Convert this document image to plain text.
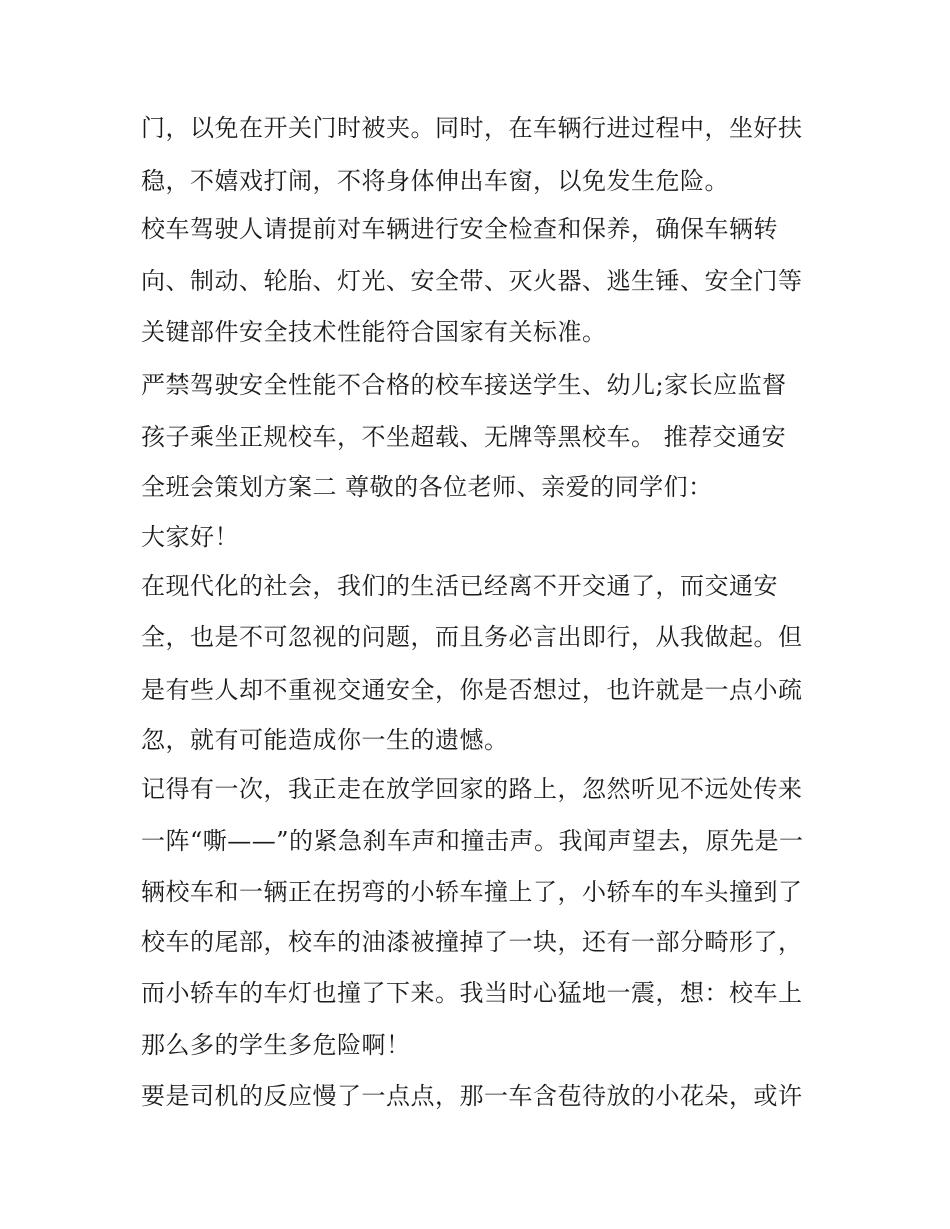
门，以免在开关门时被夹。同时，在车辆行进过程中，坐好扶

稳，不嬉戏打闹，不将身体伸出车窗，以免发生危险。

校车驾驶人请提前对车辆进行安全检查和保养，确保车辆转

向、制动、轮胎、灯光、安全带、灭火器、逃生锤、安全门等

关键部件安全技术性能符合国家有关标准。

严禁驾驶安全性能不合格的校车接送学生、幼儿;家长应监督

孩子乘坐正规校车，不坐超载、无牌等黑校车。 推荐交通安

全班会策划方案二 尊敬的各位老师、亲爱的同学们：

大家好！

在现代化的社会，我们的生活已经离不开交通了，而交通安

全，也是不可忽视的问题，而且务必言出即行，从我做起。但

是有些人却不重视交通安全，你是否想过，也许就是一点小疏

忽，就有可能造成你一生的遗憾。

记得有一次，我正走在放学回家的路上，忽然听见不远处传来

一阵“嘶——”的紧急刹车声和撞击声。我闻声望去，原先是一

辆校车和一辆正在拐弯的小轿车撞上了，小轿车的车头撞到了

校车的尾部，校车的油漆被撞掉了一块，还有一部分畸形了，

而小轿车的车灯也撞了下来。我当时心猛地一震，想：校车上

那么多的学生多危险啊！

要是司机的反应慢了一点点，那一车含苞待放的小花朵，或许
